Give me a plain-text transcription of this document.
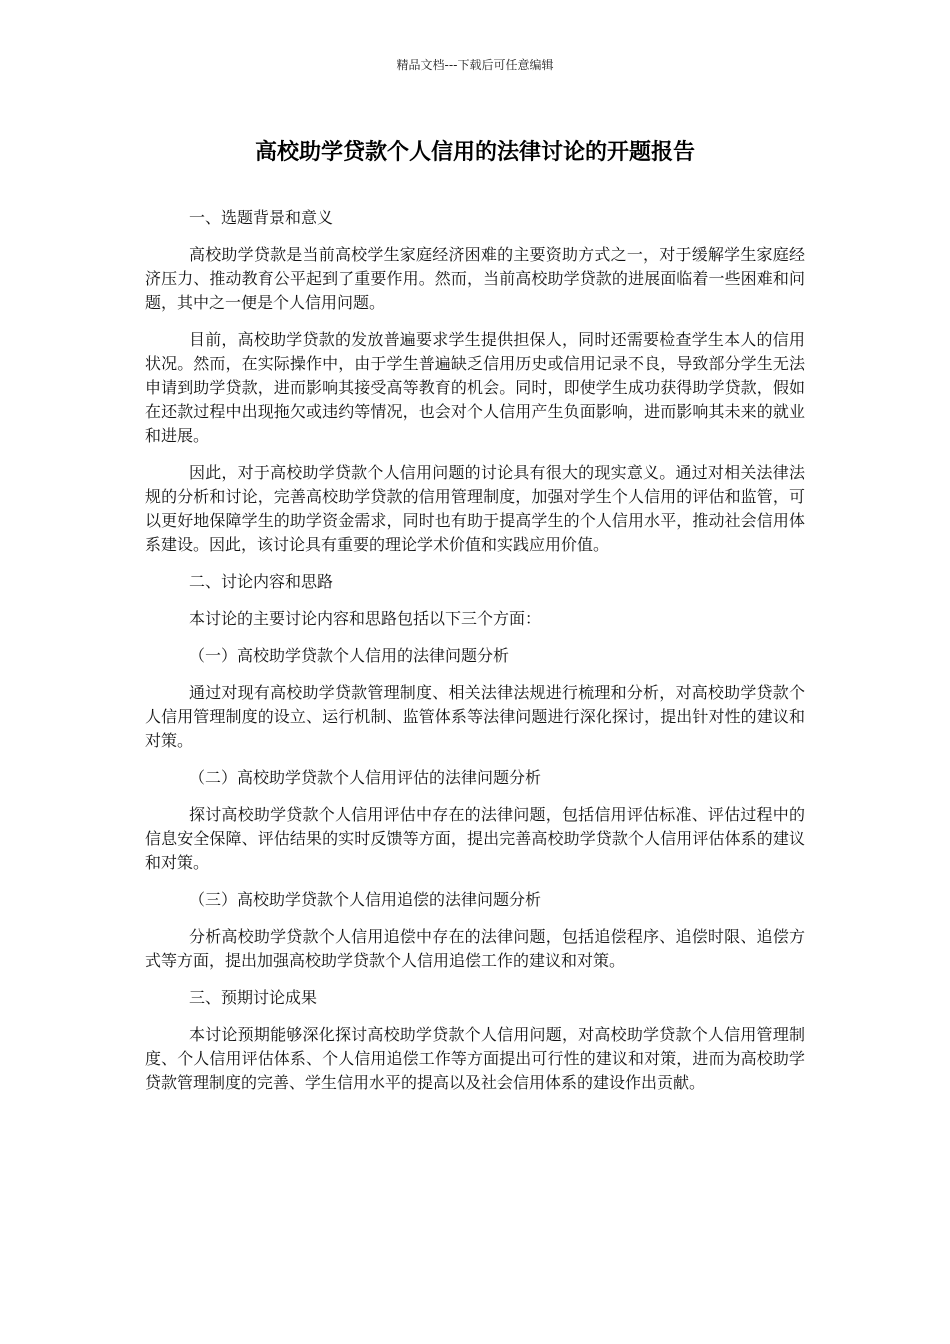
精品文档---下载后可任意编辑
高校助学贷款个人信用的法律讨论的开题报告

一、选题背景和意义

高校助学贷款是当前高校学生家庭经济困难的主要资助方式之一，对于缓解学生家庭经济压力、推动教育公平起到了重要作用。然而，当前高校助学贷款的进展面临着一些困难和问题，其中之一便是个人信用问题。

目前，高校助学贷款的发放普遍要求学生提供担保人，同时还需要检查学生本人的信用状况。然而，在实际操作中，由于学生普遍缺乏信用历史或信用记录不良，导致部分学生无法申请到助学贷款，进而影响其接受高等教育的机会。同时，即使学生成功获得助学贷款，假如在还款过程中出现拖欠或违约等情况，也会对个人信用产生负面影响，进而影响其未来的就业和进展。

因此，对于高校助学贷款个人信用问题的讨论具有很大的现实意义。通过对相关法律法规的分析和讨论，完善高校助学贷款的信用管理制度，加强对学生个人信用的评估和监管，可以更好地保障学生的助学资金需求，同时也有助于提高学生的个人信用水平，推动社会信用体系建设。因此，该讨论具有重要的理论学术价值和实践应用价值。

二、讨论内容和思路

本讨论的主要讨论内容和思路包括以下三个方面：

（一）高校助学贷款个人信用的法律问题分析

通过对现有高校助学贷款管理制度、相关法律法规进行梳理和分析，对高校助学贷款个人信用管理制度的设立、运行机制、监管体系等法律问题进行深化探讨，提出针对性的建议和对策。

（二）高校助学贷款个人信用评估的法律问题分析

探讨高校助学贷款个人信用评估中存在的法律问题，包括信用评估标准、评估过程中的信息安全保障、评估结果的实时反馈等方面，提出完善高校助学贷款个人信用评估体系的建议和对策。

（三）高校助学贷款个人信用追偿的法律问题分析

分析高校助学贷款个人信用追偿中存在的法律问题，包括追偿程序、追偿时限、追偿方式等方面，提出加强高校助学贷款个人信用追偿工作的建议和对策。

三、预期讨论成果

本讨论预期能够深化探讨高校助学贷款个人信用问题，对高校助学贷款个人信用管理制度、个人信用评估体系、个人信用追偿工作等方面提出可行性的建议和对策，进而为高校助学贷款管理制度的完善、学生信用水平的提高以及社会信用体系的建设作出贡献。
